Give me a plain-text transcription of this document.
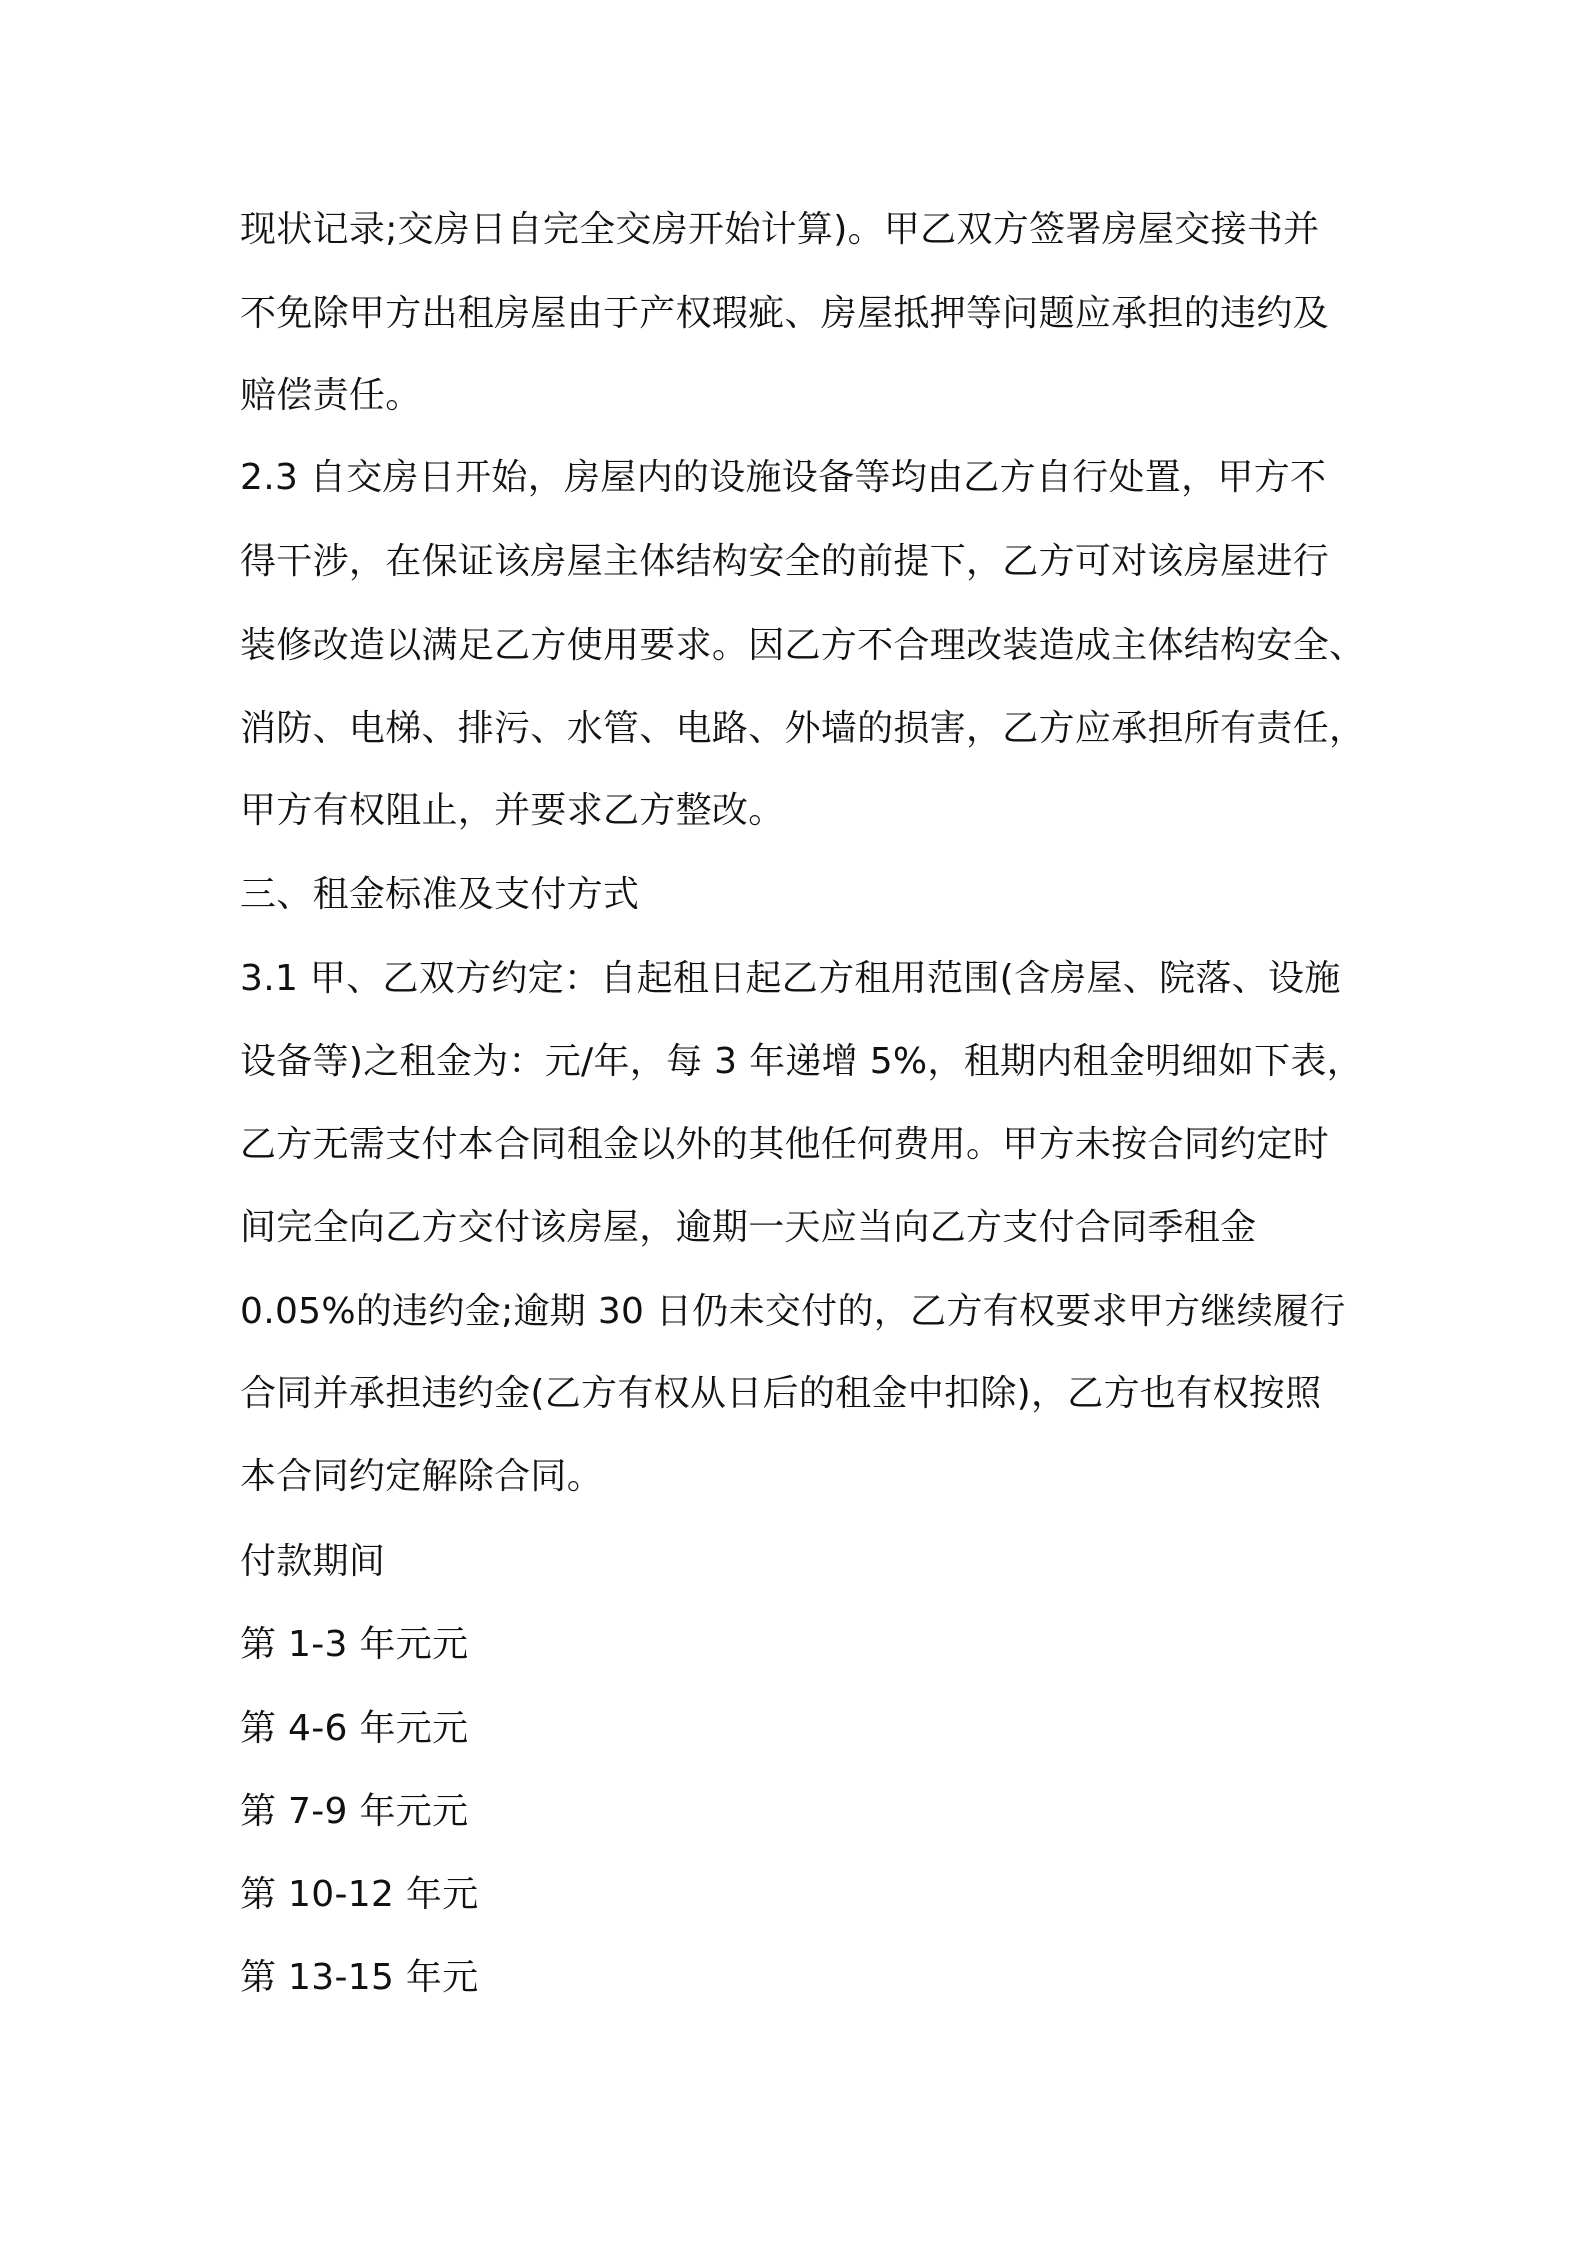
现状记录;交房日自完全交房开始计算)。甲乙双方签署房屋交接书并
不免除甲方出租房屋由于产权瑕疵、房屋抵押等问题应承担的违约及
赔偿责任。
2.3 自交房日开始，房屋内的设施设备等均由乙方自行处置，甲方不
得干涉，在保证该房屋主体结构安全的前提下，乙方可对该房屋进行
装修改造以满足乙方使用要求。因乙方不合理改装造成主体结构安全、
消防、电梯、排污、水管、电路、外墙的损害，乙方应承担所有责任，
甲方有权阻止，并要求乙方整改。
三、租金标准及支付方式
3.1 甲、乙双方约定：自起租日起乙方租用范围(含房屋、院落、设施
设备等)之租金为：元/年，每 3 年递增 5%，租期内租金明细如下表，
乙方无需支付本合同租金以外的其他任何费用。甲方未按合同约定时
间完全向乙方交付该房屋，逾期一天应当向乙方支付合同季租金
0.05%的违约金;逾期 30 日仍未交付的，乙方有权要求甲方继续履行
合同并承担违约金(乙方有权从日后的租金中扣除)，乙方也有权按照
本合同约定解除合同。
付款期间
第 1-3 年元元
第 4-6 年元元
第 7-9 年元元
第 10-12 年元
第 13-15 年元
